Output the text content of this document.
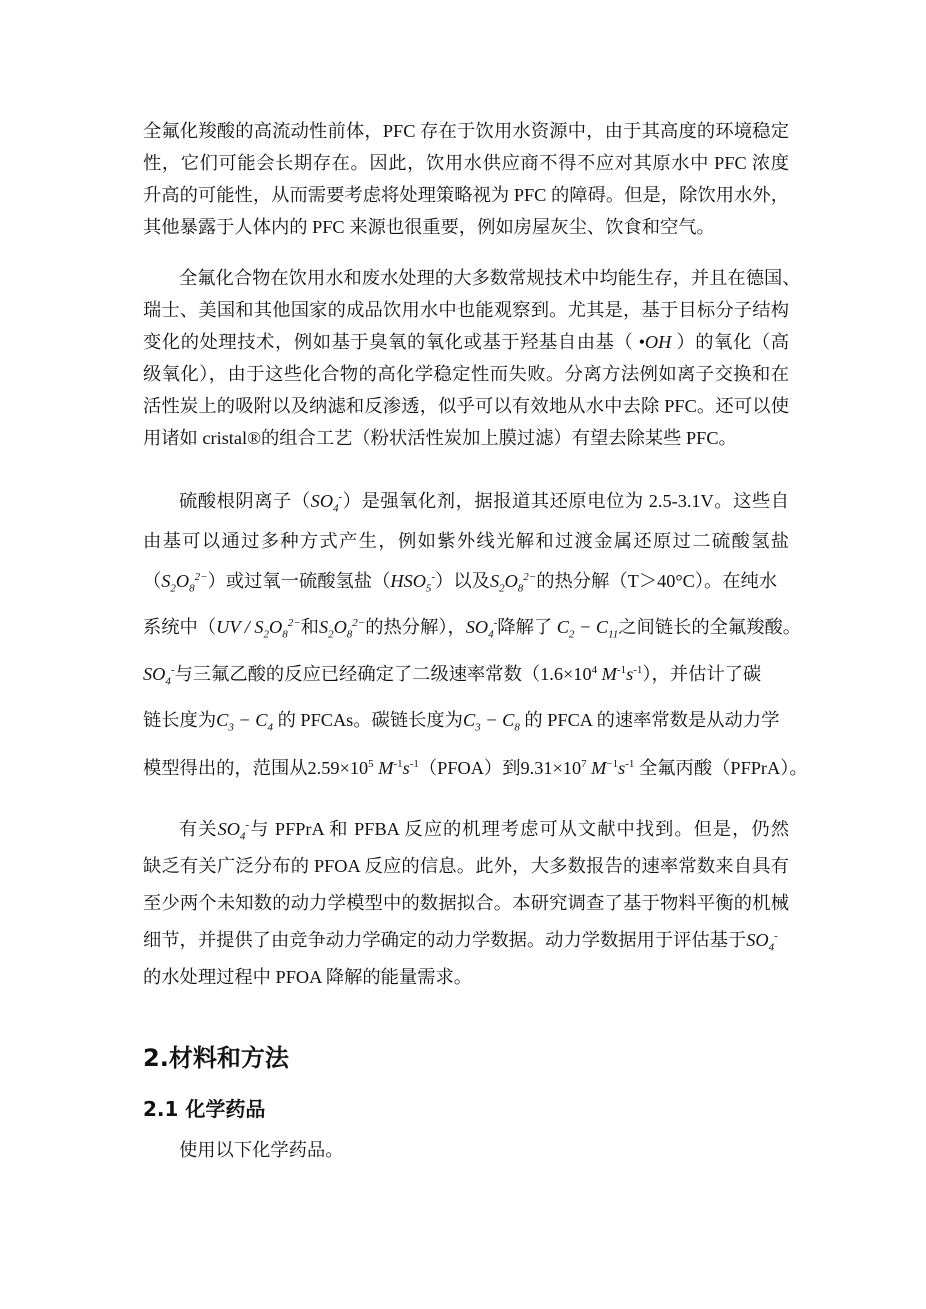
全氟化羧酸的高流动性前体，PFC 存在于饮用水资源中，由于其高度的环境稳定
性，它们可能会长期存在。因此，饮用水供应商不得不应对其原水中 PFC 浓度
升高的可能性，从而需要考虑将处理策略视为 PFC 的障碍。但是，除饮用水外，
其他暴露于人体内的 PFC 来源也很重要，例如房屋灰尘、饮食和空气。
全氟化合物在饮用水和废水处理的大多数常规技术中均能生存，并且在德国、
瑞士、美国和其他国家的成品饮用水中也能观察到。尤其是，基于目标分子结构
变化的处理技术，例如基于臭氧的氧化或基于羟基自由基（ •OH ）的氧化（高
级氧化），由于这些化合物的高化学稳定性而失败。分离方法例如离子交换和在
活性炭上的吸附以及纳滤和反渗透，似乎可以有效地从水中去除 PFC。还可以使
用诸如 cristal®的组合工艺（粉状活性炭加上膜过滤）有望去除某些 PFC。
硫酸根阴离子$(SO_4^-)$是强氧化剂，据报道其还原电位为 2.5-3.1V。这些自
由基可以通过多种方式产生，例如紫外线光解和过渡金属还原过二硫酸氢盐
$(S_2O_8^{2-})$或过氧一硫酸氢盐$(HSO_5^-)$以及$S_2O_8^{2-}$的热分解（T＞40°C）。在纯水
系统中（$UV / S_2O_8^{2-}$和$S_2O_8^{2-}$的热分解），$SO_4^-$降解了 $C_2 - C_{11}$之间链长的全氟羧酸。
$SO_4^-$与三氟乙酸的反应已经确定了二级速率常数（$1.6\times 10^4$ $M^{-1}s^{-1}$），并估计了碳
链长度为$C_3 - C_4$ 的 PFCAs。碳链长度为$C_3 - C_8$ 的 PFCA 的速率常数是从动力学
模型得出的，范围从$2.59\times 10^5$ $M^{-1}s^{-1}(PFOA)$到$9.31\times 10^7$ $M^{-1}s^{-1}$ 全氟丙酸（PFPrA）。
有关$SO_4^-$与 PFPrA 和 PFBA 反应的机理考虑可从文献中找到。但是，仍然
缺乏有关广泛分布的 PFOA 反应的信息。此外，大多数报告的速率常数来自具有
至少两个未知数的动力学模型中的数据拟合。本研究调查了基于物料平衡的机械
细节，并提供了由竞争动力学确定的动力学数据。动力学数据用于评估基于$SO_4^-$
的水处理过程中 PFOA 降解的能量需求。
2.材料和方法
2.1 化学药品
使用以下化学药品。
